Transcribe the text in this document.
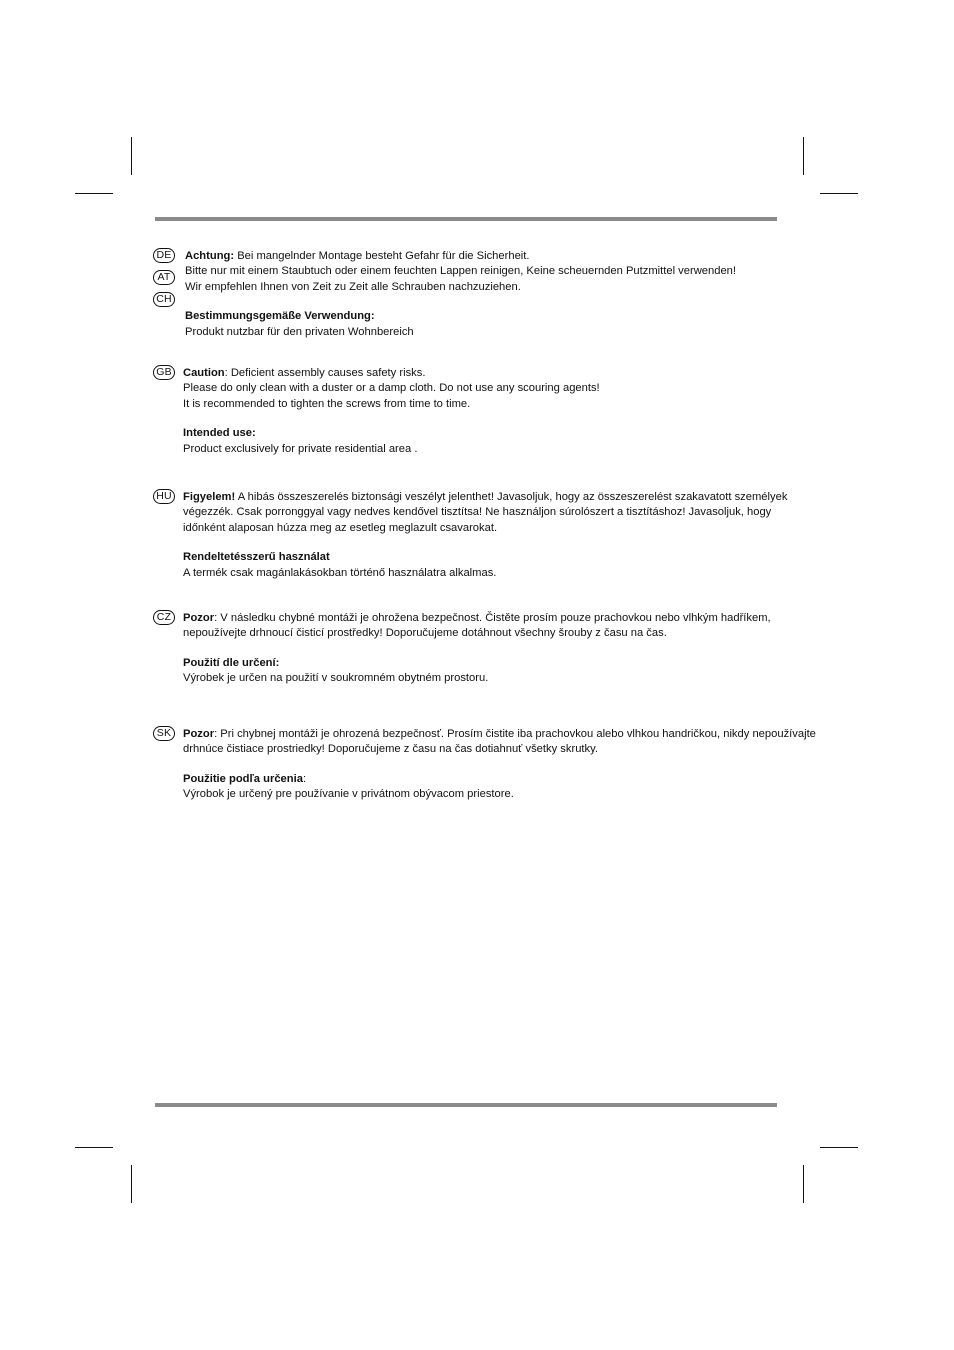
DE
AT
CH
Achtung: Bei mangelnder Montage besteht Gefahr für die Sicherheit.
Bitte nur mit einem Staubtuch oder einem feuchten Lappen reinigen, Keine scheuernden Putzmittel verwenden!
Wir empfehlen Ihnen von Zeit zu Zeit alle Schrauben nachzuziehen.
Bestimmungsgemäße Verwendung:
Produkt nutzbar für den privaten Wohnbereich
GB Caution: Deficient assembly causes safety risks.
Please do only clean with a duster or a damp cloth. Do not use any scouring agents!
It is recommended to tighten the screws from time to time.
Intended use:
Product exclusively for private residential area .
HU Figyelem! A hibás összeszerelés biztonsági veszélyt jelenthet! Javasoljuk, hogy az összeszerelést szakavatott személyek
végezzék. Csak porronggyal vagy nedves kendővel tisztítsa! Ne használjon súrolószert a tisztításhoz! Javasoljuk, hogy
időnként alaposan húzza meg az esetleg meglazult csavarokat.
Rendeltetésszerű használat
A termék csak magánlakásokban történő használatra alkalmas.
CZ	Pozor: V následku chybné montáži je ohrožena bezpečnost. Čistěte prosím pouze prachovkou nebo vlhkým hadříkem,
nepoužívejte drhnoucí čisticí prostředky! Doporučujeme dotáhnout všechny šrouby z času na čas.
Použití dle určení:
Výrobek je určen na použití v soukromném obytném prostoru.
SK	Pozor: Pri chybnej montáži je ohrozená bezpečnosť. Prosím čistite iba prachovkou alebo vlhkou handričkou, nikdy nepoužívajte
drhnúce čistiace prostriedky! Doporučujeme z času na čas dotiahnuť všetky skrutky.
Použitie podľa určenia:
Výrobok je určený pre používanie v privátnom obývacom priestore.
